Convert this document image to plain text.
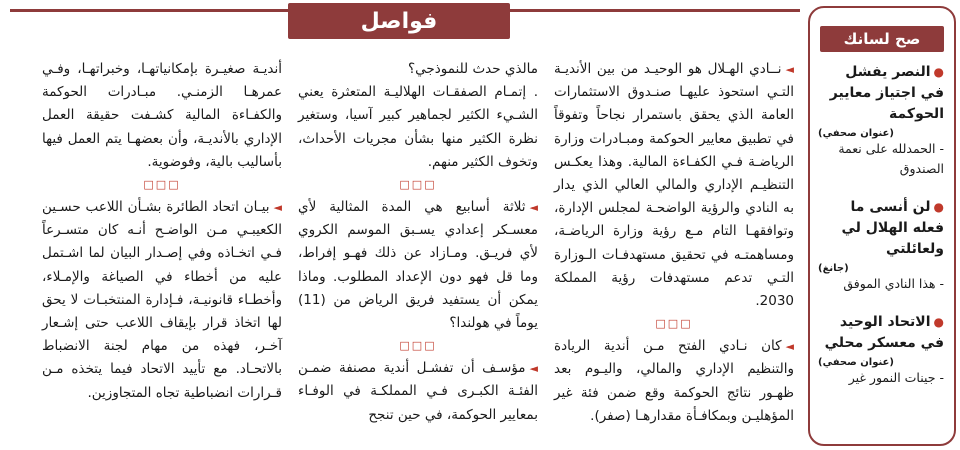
فواصل

◄نــادي الهـلال هو الوحيـد من بين الأنديـة التـي استحوذ عليهـا صنـدوق الاستثمارات العامة الذي يحقق باستمرار نجاحاً وتفوقاً في تطبيق معايير الحوكمة ومبـادرات وزارة الرياضـة فـي الكفـاءة المالية. وهذا يعكـس التنظيـم الإداري والمالي العالي الذي يدار به النادي والرؤية الواضحـة لمجلس الإدارة، وتوافقهـا التام مـع رؤية وزارة الرياضـة، ومساهمتـه في تحقيق مستهدفـات الـوزارة التـي تدعم مستهدفات رؤية المملكة 2030.

□□□

◄كان نـادي الفتح مـن أندية الريادة والتنظيم الإداري والمالي، واليـوم بعد ظهـور نتائج الحوكمة وقع ضمن فئة غير المؤهليـن وبمكافـأة مقدارهـا (صفر).

مالذي حدث للنموذجي؟

. إتمـام الصفقـات الهلاليـة المتعثرة يعني الشـيء الكثير لجماهير كبير آسيا، وستغير نظرة الكثير منها بشأن مجريات الأحداث، وتخوف الكثير منهم.

□□□

◄ثلاثة أسابيع هي المدة المثالية لأي معسـكر إعدادي يسـبق الموسم الكروي لأي فريـق. ومـازاد عن ذلك فهـو إفراط، وما قل فهو دون الإعداد المطلوب. وماذا يمكن أن يستفيد فريق الرياض من (11) يوماً في هولندا؟

□□□

◄مؤسـف أن تفشـل أندية مصنفة ضمـن الفئـة الكبـرى فـي المملكـة في الوفـاء بمعايير الحوكمة، في حين تنجح

أنديـة صغيـرة بإمكانياتهـا، وخبراتهـا، وفـي عمرهـا الزمنـي. مبـادرات الحوكمة والكفـاءة المالية كشـفت حقيقة العمل الإداري بالأنديـة، وأن بعضهـا يتم العمل فيها بأساليب بالية، وفوضوية.

□□□

◄بيـان اتحاد الطائرة بشـأن اللاعب حسـين الكعيبـي مـن الواضـح أنـه كان متسـرعاً فـي اتخـاذه وفي إصـدار البيان لما اشـتمل عليه من أخطاء في الصياغة والإمـلاء، وأخطـاء قانونيـة، فـإدارة المنتخبـات لا يحق لها اتخاذ قرار بإيقاف اللاعب حتى إشـعار آخـر، فهذه من مهام لجنة الانضباط بالاتحـاد. مع تأييد الاتحاد فيما يتخذه مـن قـرارات انضباطية تجاه المتجاوزين.

صح لسانك
●النصر يفشل في اجتياز معايير الحوكمة
(عنوان صحفي)
- الحمدلله على نعمة الصندوق
●لن أنسى ما فعله الهلال لي ولعائلتي
(جانغ)
- هذا النادي الموفق
●الاتحاد الوحيد في معسكر محلي
(عنوان صحفي)
- جينات النمور غير
